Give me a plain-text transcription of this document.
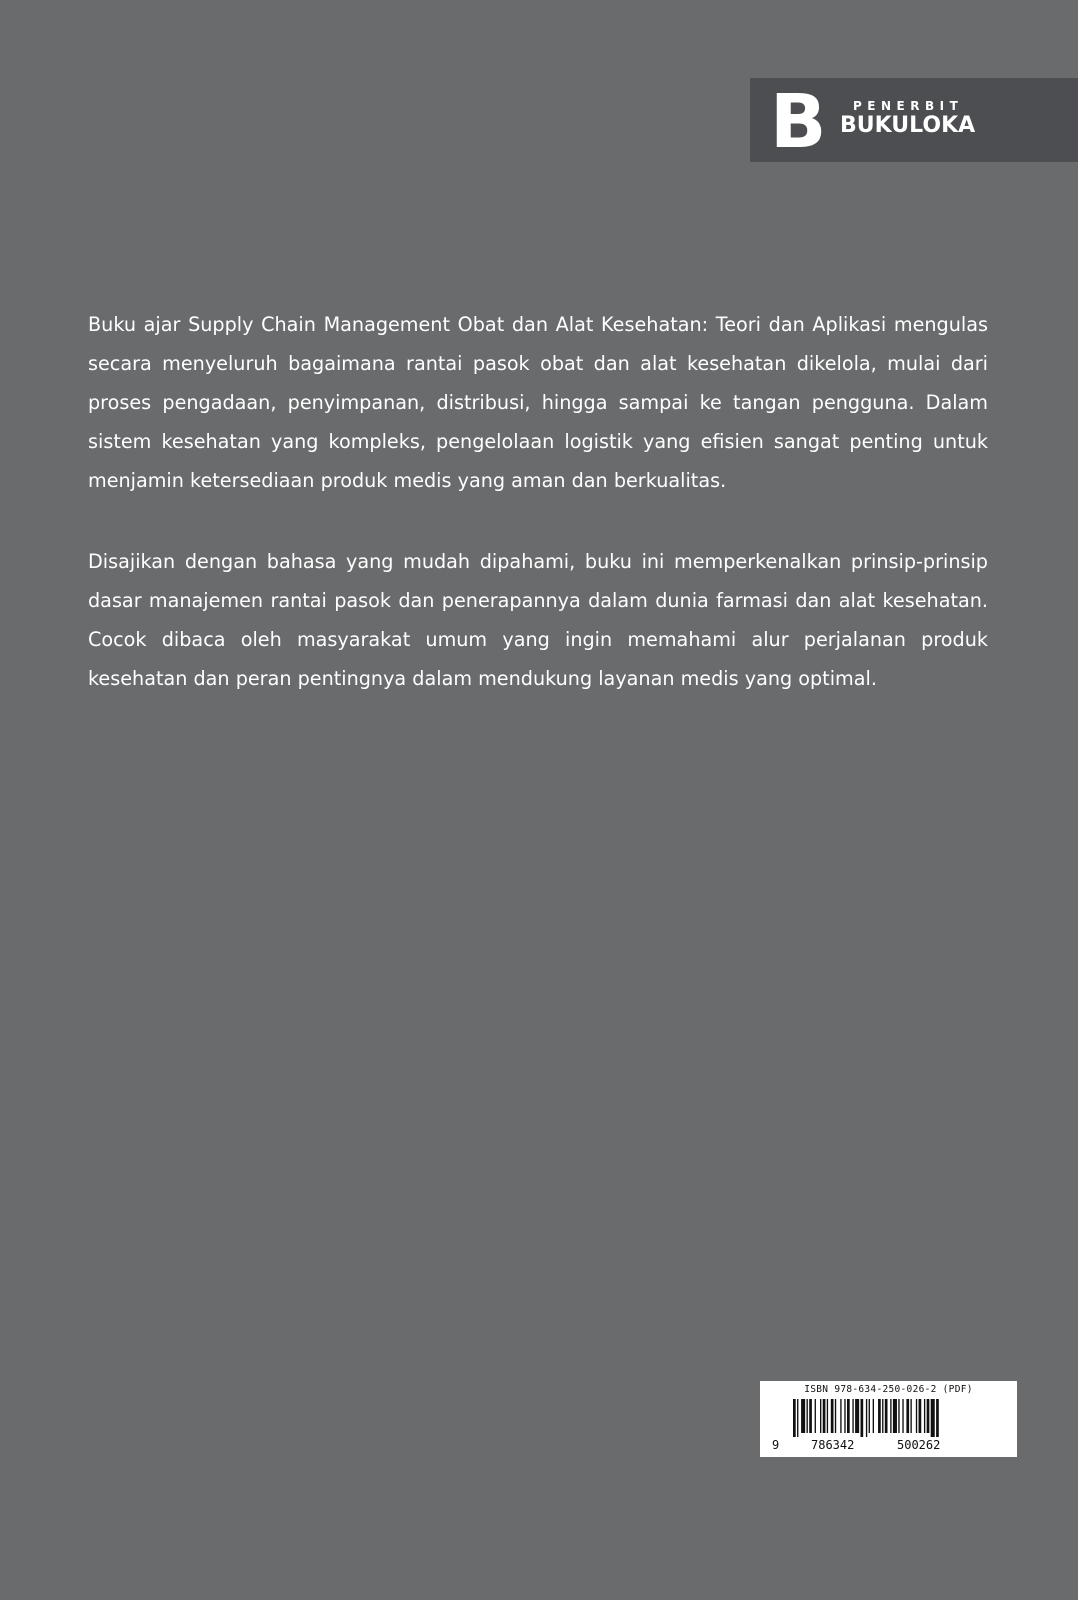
B PENERBIT
BUKULOKA

Buku ajar Supply Chain Management Obat dan Alat Kesehatan: Teori dan Aplikasi mengulas secara menyeluruh bagaimana rantai pasok obat dan alat kesehatan dikelola, mulai dari proses pengadaan, penyimpanan, distribusi, hingga sampai ke tangan pengguna. Dalam sistem kesehatan yang kompleks, pengelolaan logistik yang efisien sangat penting untuk menjamin ketersediaan produk medis yang aman dan berkualitas.

Disajikan dengan bahasa yang mudah dipahami, buku ini memperkenalkan prinsip-prinsip dasar manajemen rantai pasok dan penerapannya dalam dunia farmasi dan alat kesehatan. Cocok dibaca oleh masyarakat umum yang ingin memahami alur perjalanan produk kesehatan dan peran pentingnya dalam mendukung layanan medis yang optimal.

ISBN 978-634-250-026-2 (PDF)
9	786342	500262
